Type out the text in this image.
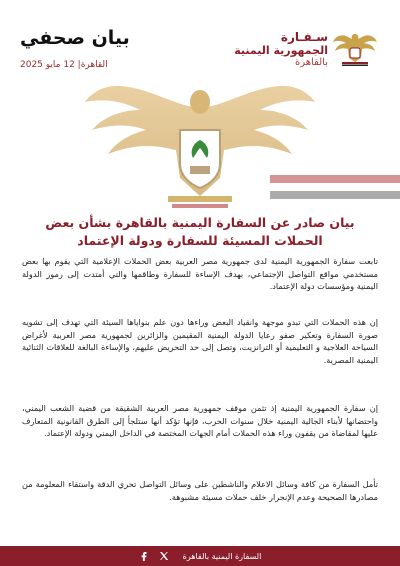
سـفـارة
الجمهورية اليمنية
بالقاهرة
بيان صحفي
القاهرة| 12 مايو 2025
بيان صادر عن السفارة اليمنية بالقاهرة بشأن بعض الحملات المسيئة للسفارة ودولة الإعتماد
تابعت سفارة الجمهورية اليمنية لدى جمهورية مصر العربية بعض الحملات الإعلامية التي يقوم بها بعض مستخدمي مواقع التواصل الإجتماعي، بهدف الإساءة للسفارة وطاقمها والتي أمتدت إلى رموز الدولة اليمنية ومؤسسات دولة الإعتماد.
إن هذه الحملات التي تبدو موجهة وانقياد البعض وراءها دون علم بنواياها السيئة التي تهدف إلى تشويه صورة السفارة وتعكير صفو رعايا الدولة اليمنية المقيمين والزائرين لجمهورية مصر العربية لأغراض السياحة العلاجية و التعليمية أو الترانزيت، وتصل إلى حد التحريض عليهم، والإساءة البالغة للعلاقات الثنائية اليمنية المصرية.
إن سفارة الجمهورية اليمنية إذ تثمن موقف جمهورية مصر العربية الشقيقة من قضية الشعب اليمني، واحتضانها لأبناء الجالية اليمنية خلال سنوات الحرب، فإنها تؤكد أنها ستلجأ إلى الطرق القانونية المتعارف عليها لمقاضاة من يقفون وراء هذه الحملات أمام الجهات المختصة في الداخل اليمني ودولة الإعتماد.
تأمل السفارة من كافة وسائل الاعلام والناشطين على وسائل التواصل تحري الدقة واستقاء المعلومة من مصادرها الصحيحة وعدم الإنجرار خلف حملات مسيئة مشبوهة.
السفارة اليمنية بالقاهرة
